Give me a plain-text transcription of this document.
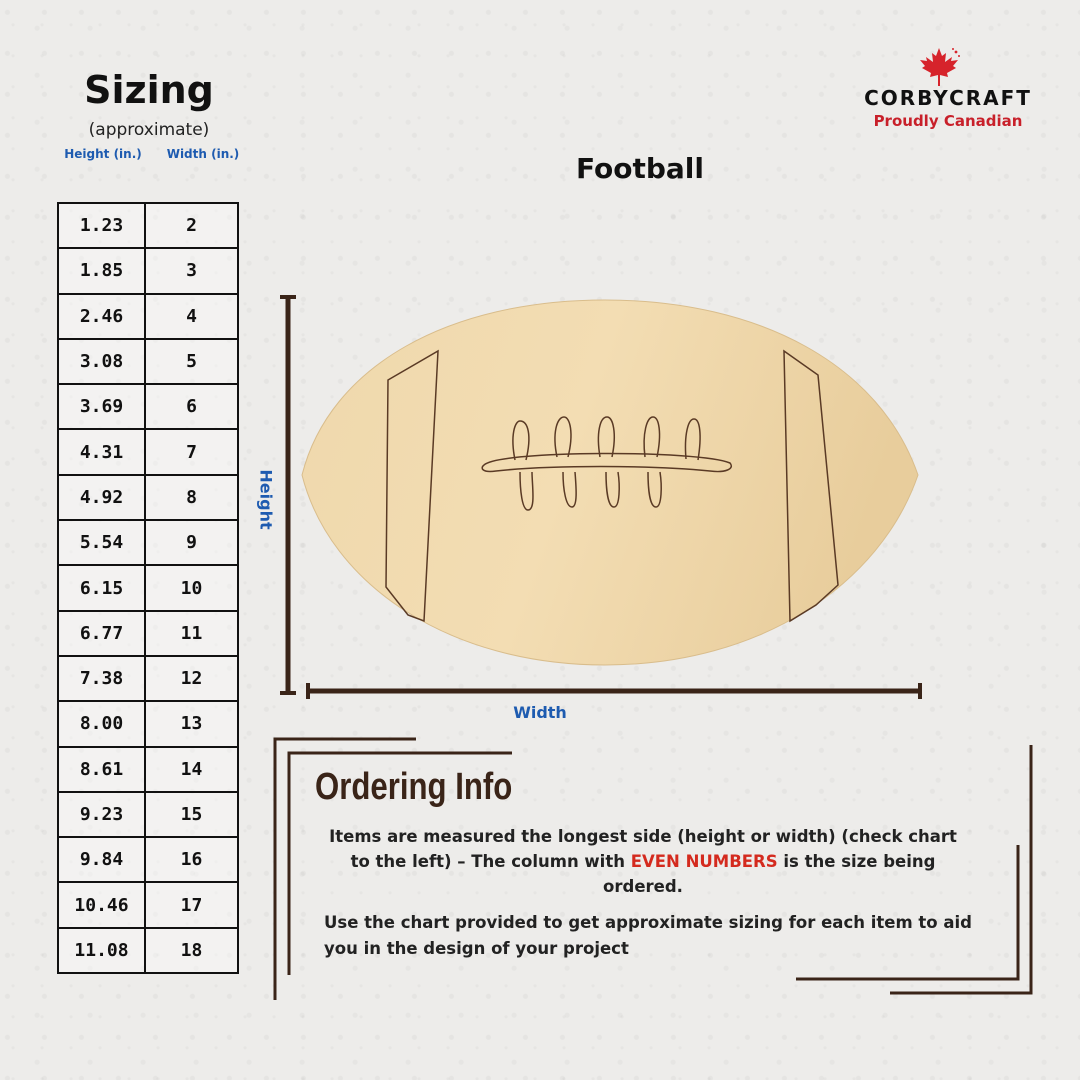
Sizing
(approximate)
Height (in.)	Width (in.)
1.23	2
1.85	3
2.46	4
3.08	5
3.69	6
4.31	7
4.92	8
5.54	9
6.15	10
6.77	11
7.38	12
8.00	13
8.61	14
9.23	15
9.84	16
10.46	17
11.08	18
CORBYCRAFT
Proudly Canadian
Football
Height
Width
Ordering Info
Items are measured the longest side (height or width) (check chart to the left) – The column with EVEN NUMBERS is the size being ordered.
Use the chart provided to get approximate sizing for each item to aid you in the design of your project
